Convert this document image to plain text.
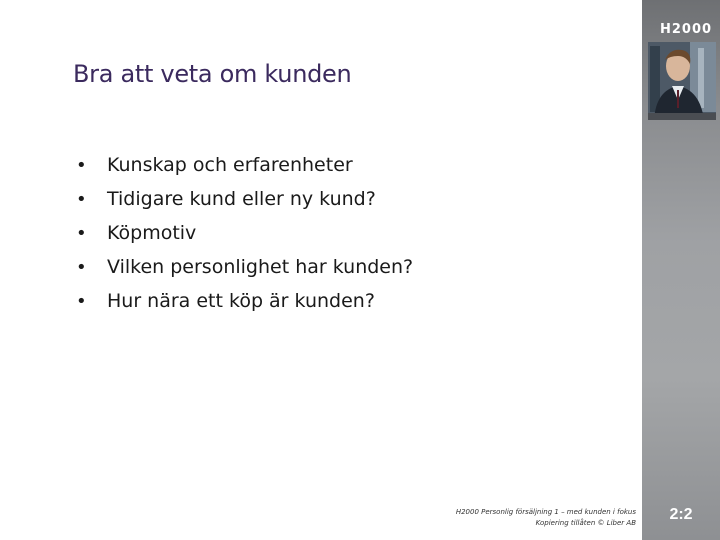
Bra att veta om kunden
•	Kunskap och erfarenheter
•	Tidigare kund eller ny kund?
•	Köpmotiv
•	Vilken personlighet har kunden?
•	Hur nära ett köp är kunden?
H2000
H2000 Personlig försäljning 1 – med kunden i fokus
Kopiering tillåten © Liber AB	2:2
